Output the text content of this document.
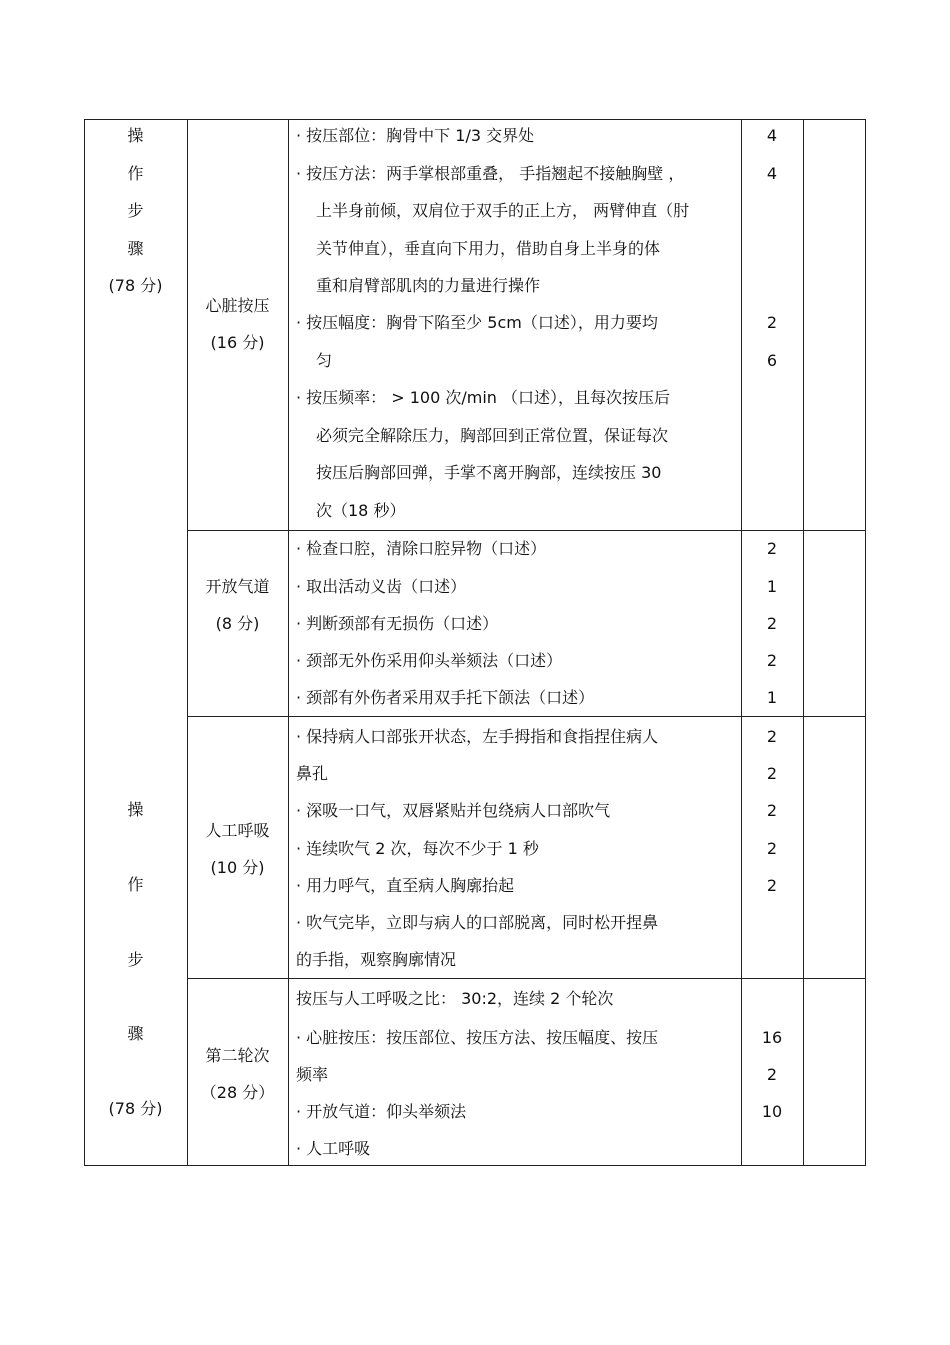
操
作
步
骤
(78 分)
操
作
步
骤
(78 分)
心脏按压
(16 分)
· 按压部位：胸骨中下 1/3 交界处
· 按压方法：两手掌根部重叠， 手指翘起不接触胸壁 ，
上半身前倾，双肩位于双手的正上方， 两臂伸直（肘
关节伸直），垂直向下用力，借助自身上半身的体
重和肩臂部肌肉的力量进行操作
· 按压幅度：胸骨下陷至少 5cm（口述），用力要均
匀
· 按压频率： > 100 次/min （口述），且每次按压后
必须完全解除压力，胸部回到正常位置，保证每次
按压后胸部回弹，手掌不离开胸部，连续按压 30
次（18 秒）
4
4
2
6
开放气道
(8 分)
· 检查口腔，清除口腔异物（口述）
· 取出活动义齿（口述）
· 判断颈部有无损伤（口述）
· 颈部无外伤采用仰头举颏法（口述）
· 颈部有外伤者采用双手托下颌法（口述）
2
1
2
2
1
人工呼吸
(10 分)
· 保持病人口部张开状态，左手拇指和食指捏住病人
鼻孔
· 深吸一口气，双唇紧贴并包绕病人口部吹气
· 连续吹气 2 次，每次不少于 1 秒
· 用力呼气，直至病人胸廓抬起
· 吹气完毕，立即与病人的口部脱离，同时松开捏鼻
的手指，观察胸廓情况
2
2
2
2
2
第二轮次
（28 分）
按压与人工呼吸之比： 30:2，连续 2 个轮次
· 心脏按压：按压部位、按压方法、按压幅度、按压
频率
· 开放气道：仰头举颏法
· 人工呼吸
16
2
10
